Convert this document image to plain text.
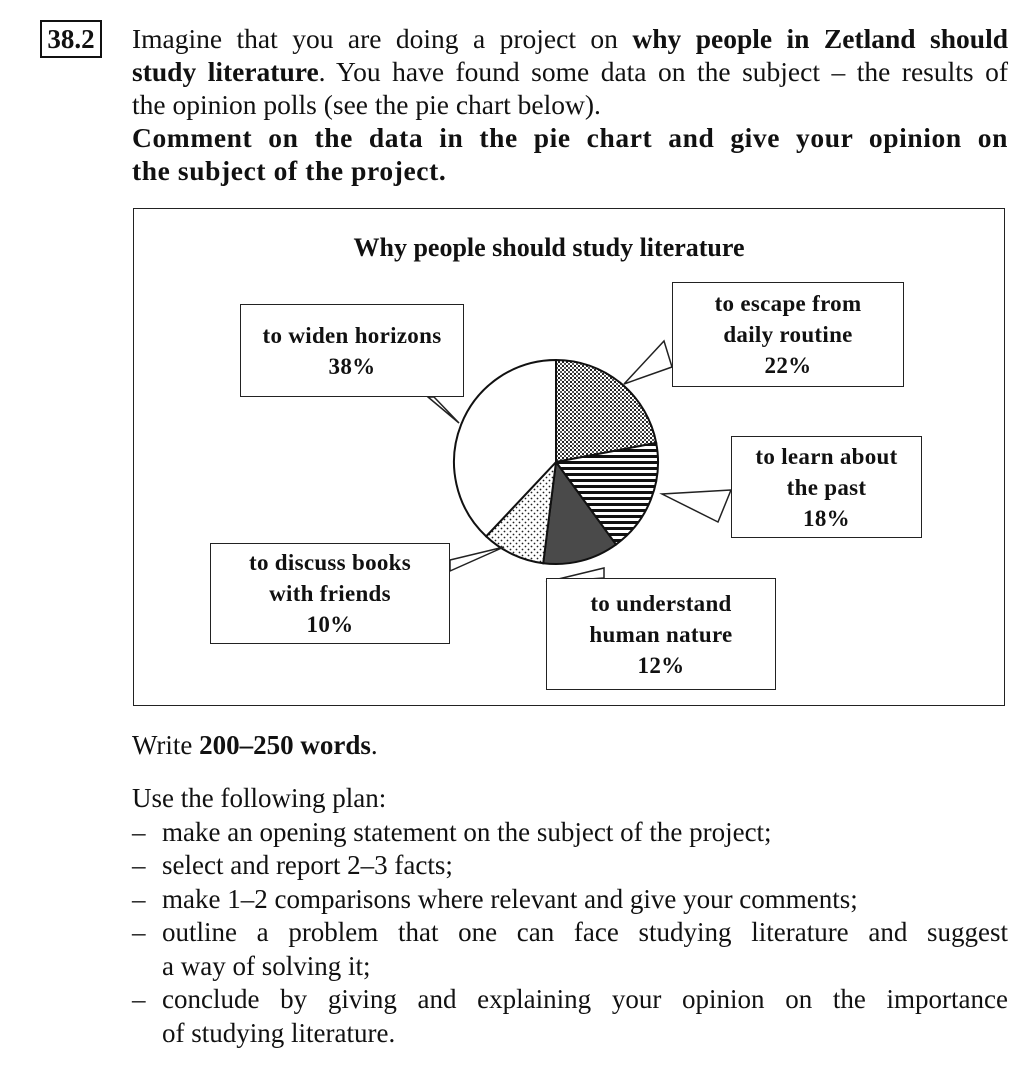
38.2 Imagine that you are doing a project on why people in Zetland should
study literature. You have found some data on the subject – the results of
the opinion polls (see the pie chart below).
Comment on the data in the pie chart and give your opinion on
the subject of the project.
Why people should study literature
to widen horizons
38%
to escape from
daily routine
22%
to learn about
the past
18%
to understand
human nature
12%
to discuss books
with friends
10%
Write 200–250 words.

Use the following plan:

– make an opening statement on the subject of the project;
– select and report 2–3 facts;
– make 1–2 comparisons where relevant and give your comments;
– outline a problem that one can face studying literature and suggest
a way of solving it;
– conclude by giving and explaining your opinion on the importance
of studying literature.
